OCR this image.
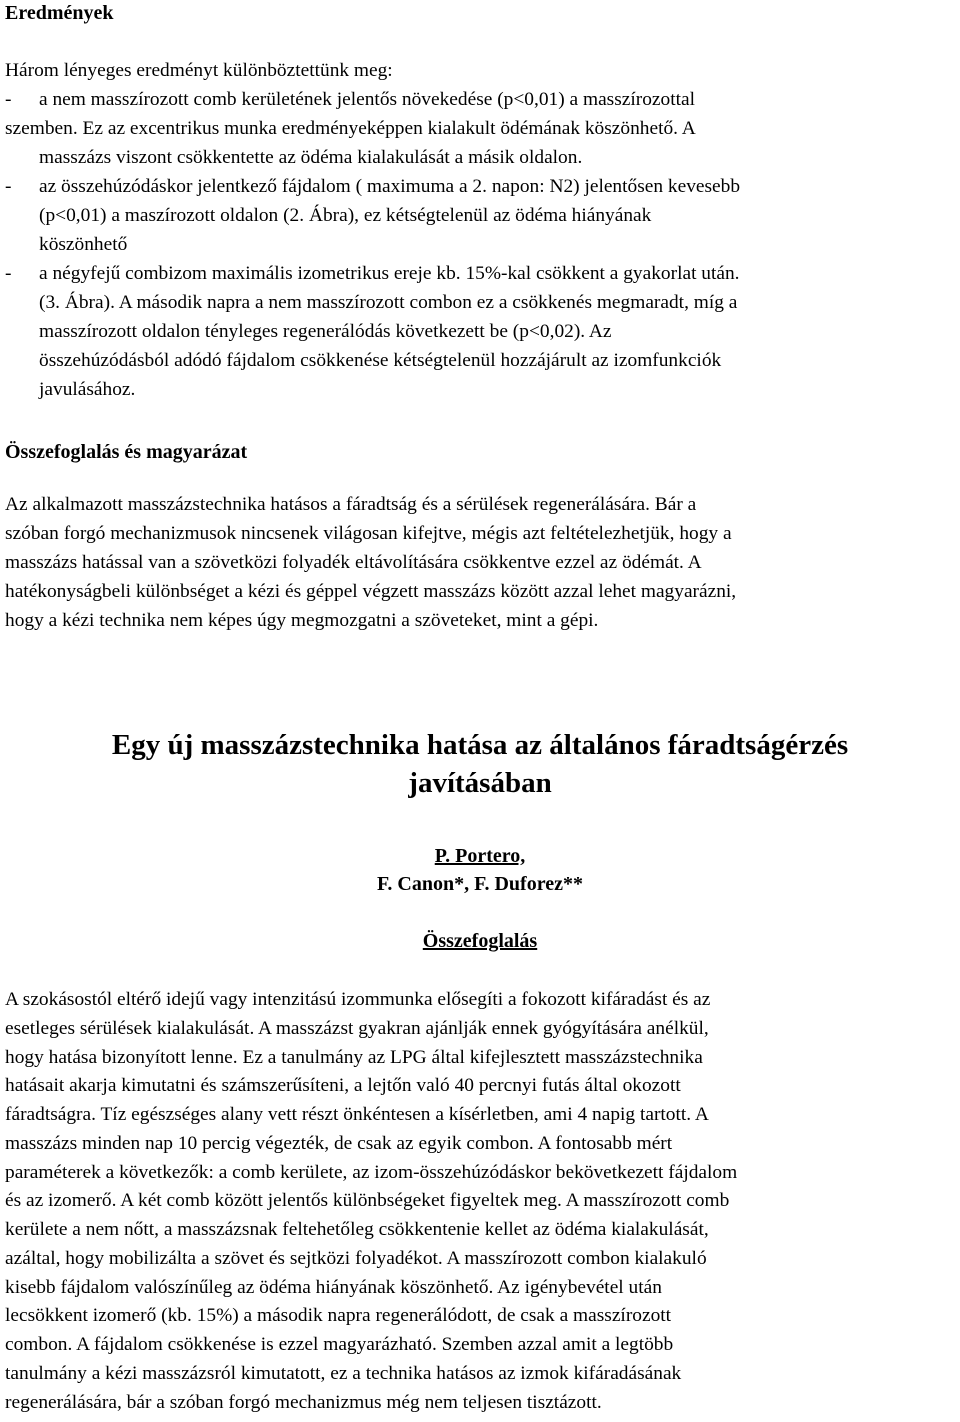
Eredmények
Három lényeges eredményt különböztettünk meg:
-	a nem masszírozott comb kerületének jelentős növekedése (p<0,01) a masszírozottal
szemben. Ez az excentrikus munka eredményeképpen kialakult ödémának köszönhető. A
masszázs viszont csökkentette az ödéma kialakulását a másik oldalon.
-	az összehúzódáskor jelentkező fájdalom ( maximuma a 2. napon: N2) jelentősen kevesebb
(p<0,01) a maszírozott oldalon (2. Ábra), ez kétségtelenül az ödéma hiányának
köszönhető
-	a négyfejű combizom maximális izometrikus ereje kb. 15%-kal csökkent a gyakorlat után.
(3. Ábra). A második napra a nem masszírozott combon ez a csökkenés megmaradt, míg a
masszírozott oldalon tényleges regenerálódás következett be (p<0,02). Az
összehúzódásból adódó fájdalom csökkenése kétségtelenül hozzájárult az izomfunkciók
javulásához.
Összefoglalás és magyarázat
Az alkalmazott masszázstechnika hatásos a fáradtság és a sérülések regenerálására. Bár a
szóban forgó mechanizmusok nincsenek világosan kifejtve, mégis azt feltételezhetjük, hogy a
masszázs hatással van a szövetközi folyadék eltávolítására csökkentve ezzel az ödémát. A
hatékonyságbeli különbséget a kézi és géppel végzett masszázs között azzal lehet magyarázni,
hogy a kézi technika nem képes úgy megmozgatni a szöveteket, mint a gépi.
Egy új masszázstechnika hatása az általános fáradtságérzés
javításában
P. Portero,
F. Canon*, F. Duforez**
Összefoglalás
A szokásostól eltérő idejű vagy intenzitású izommunka elősegíti a fokozott kifáradást és az
esetleges sérülések kialakulását. A masszázst gyakran ajánlják ennek gyógyítására anélkül,
hogy hatása bizonyított lenne. Ez a tanulmány az LPG által kifejlesztett masszázstechnika
hatásait akarja kimutatni és számszerűsíteni, a lejtőn való 40 percnyi futás által okozott
fáradtságra. Tíz egészséges alany vett részt önkéntesen a kísérletben, ami 4 napig tartott. A
masszázs minden nap 10 percig végezték, de csak az egyik combon. A fontosabb mért
paraméterek a következők: a comb kerülete, az izom-összehúzódáskor bekövetkezett fájdalom
és az izomerő. A két comb között jelentős különbségeket figyeltek meg. A masszírozott comb
kerülete a nem nőtt, a masszázsnak feltehetőleg csökkentenie kellet az ödéma kialakulását,
azáltal, hogy mobilizálta a szövet és sejtközi folyadékot. A masszírozott combon kialakuló
kisebb fájdalom valószínűleg az ödéma hiányának köszönhető. Az igénybevétel után
lecsökkent izomerő (kb. 15%) a második napra regenerálódott, de csak a masszírozott
combon. A fájdalom csökkenése is ezzel magyarázható. Szemben azzal amit a legtöbb
tanulmány a kézi masszázsról kimutatott, ez a technika hatásos az izmok kifáradásának
regenerálására, bár a szóban forgó mechanizmus még nem teljesen tisztázott.
